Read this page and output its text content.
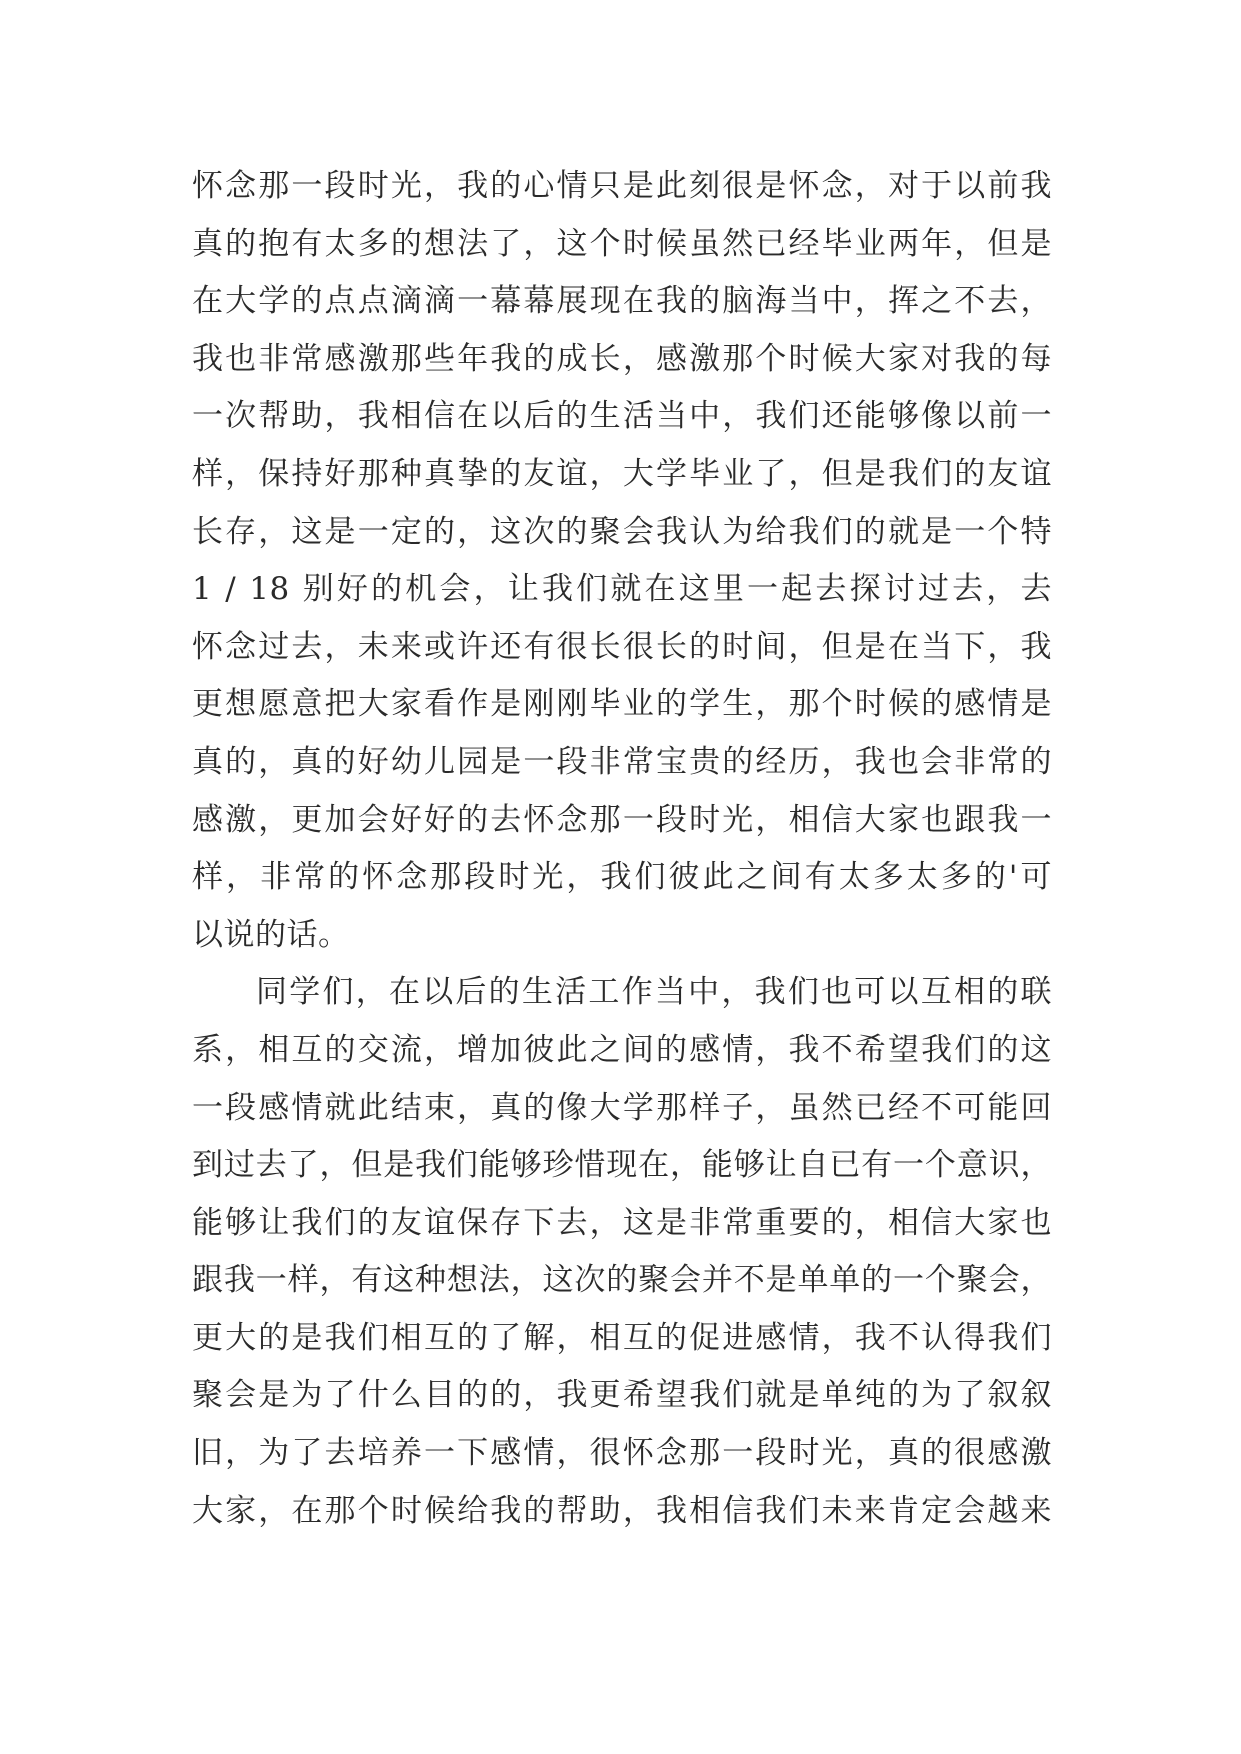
怀念那一段时光，我的心情只是此刻很是怀念，对于以前我
真的抱有太多的想法了，这个时候虽然已经毕业两年，但是
在大学的点点滴滴一幕幕展现在我的脑海当中，挥之不去，
我也非常感激那些年我的成长，感激那个时候大家对我的每
一次帮助，我相信在以后的生活当中，我们还能够像以前一
样，保持好那种真挚的友谊，大学毕业了，但是我们的友谊
长存，这是一定的，这次的聚会我认为给我们的就是一个特
1 / 18 别好的机会，让我们就在这里一起去探讨过去，去
怀念过去，未来或许还有很长很长的时间，但是在当下，我
更想愿意把大家看作是刚刚毕业的学生，那个时候的感情是
真的，真的好幼儿园是一段非常宝贵的经历，我也会非常的
感激，更加会好好的去怀念那一段时光，相信大家也跟我一
样，非常的怀念那段时光，我们彼此之间有太多太多的'可
以说的话。
同学们，在以后的生活工作当中，我们也可以互相的联
系，相互的交流，增加彼此之间的感情，我不希望我们的这
一段感情就此结束，真的像大学那样子，虽然已经不可能回
到过去了，但是我们能够珍惜现在，能够让自已有一个意识，
能够让我们的友谊保存下去，这是非常重要的，相信大家也
跟我一样，有这种想法，这次的聚会并不是单单的一个聚会，
更大的是我们相互的了解，相互的促进感情，我不认得我们
聚会是为了什么目的的，我更希望我们就是单纯的为了叙叙
旧，为了去培养一下感情，很怀念那一段时光，真的很感激
大家，在那个时候给我的帮助，我相信我们未来肯定会越来
